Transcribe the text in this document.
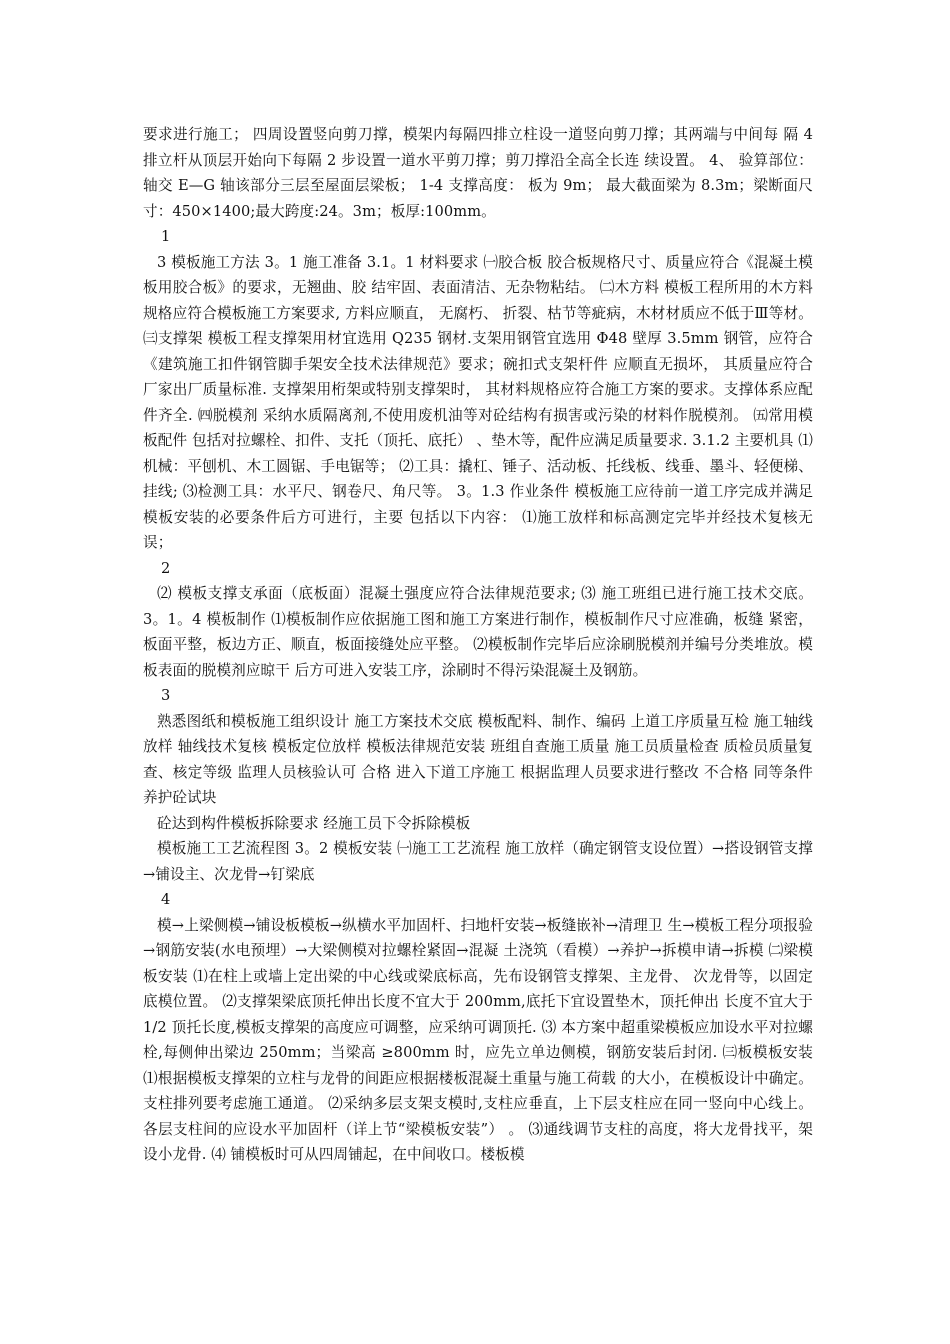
要求进行施工； 四周设置竖向剪刀撑，模架内每隔四排立柱设一道竖向剪刀撑；其两端与中间每 隔 4 排立杆从顶层开始向下每隔 2 步设置一道水平剪刀撑；剪刀撑沿全高全长连 续设置。 4、 验算部位： 轴交 E—G 轴该部分三层至屋面层梁板； 1-4 支撑高度： 板为 9m； 最大截面梁为 8.3m；梁断面尺寸：450×1400;最大跨度:24。3m；板厚:100mm。

1

3 模板施工方法 3。1 施工准备 3.1。1 材料要求 ㈠胶合板 胶合板规格尺寸、质量应符合《混凝土模板用胶合板》的要求，无翘曲、胶 结牢固、表面清洁、无杂物粘结。 ㈡木方料 模板工程所用的木方料规格应符合模板施工方案要求, 方料应顺直， 无腐朽、 折裂、枯节等疵病，木材材质应不低于Ⅲ等材。 ㈢支撑架 模板工程支撑架用材宜选用 Q235 钢材.支架用钢管宜选用 Φ48 壁厚 3.5mm 钢管，应符合《建筑施工扣件钢管脚手架安全技术法律规范》要求；碗扣式支架杆件 应顺直无损坏， 其质量应符合厂家出厂质量标准. 支撑架用桁架或特别支撑架时， 其材料规格应符合施工方案的要求。支撑体系应配件齐全. ㈣脱模剂 采纳水质隔离剂,不使用废机油等对砼结构有损害或污染的材料作脱模剂。 ㈤常用模板配件 包括对拉螺栓、扣件、支托（顶托、底托） 、垫木等，配件应满足质量要求. 3.1.2 主要机具 ⑴机械：平刨机、木工圆锯、手电锯等； ⑵工具：撬杠、锤子、活动板、托线板、线垂、墨斗、轻便梯、挂线; ⑶检测工具：水平尺、钢卷尺、角尺等。 3。1.3 作业条件 模板施工应待前一道工序完成并满足模板安装的必要条件后方可进行，主要 包括以下内容： ⑴施工放样和标高测定完毕并经技术复核无误；

2

⑵ 模板支撑支承面（底板面）混凝土强度应符合法律规范要求; ⑶ 施工班组已进行施工技术交底。 3。1。4 模板制作 ⑴模板制作应依据施工图和施工方案进行制作，模板制作尺寸应准确，板缝 紧密，板面平整，板边方正、顺直，板面接缝处应平整。 ⑵模板制作完毕后应涂刷脱模剂并编号分类堆放。模板表面的脱模剂应晾干 后方可进入安装工序，涂刷时不得污染混凝土及钢筋。

3

熟悉图纸和模板施工组织设计 施工方案技术交底 模板配料、制作、编码 上道工序质量互检 施工轴线放样 轴线技术复核 模板定位放样 模板法律规范安装 班组自查施工质量 施工员质量检查 质检员质量复查、核定等级 监理人员核验认可 合格 进入下道工序施工 根据监理人员要求进行整改 不合格 同等条件养护砼试块

砼达到构件模板拆除要求 经施工员下令拆除模板

模板施工工艺流程图 3。2 模板安装 ㈠施工工艺流程 施工放样（确定钢管支设位置）→搭设钢管支撑→铺设主、次龙骨→钉梁底

4

模→上梁侧模→铺设板模板→纵横水平加固杆、扫地杆安装→板缝嵌补→清理卫 生→模板工程分项报验→钢筋安装(水电预埋）→大梁侧模对拉螺栓紧固→混凝 土浇筑（看模）→养护→拆模申请→拆模 ㈡梁模板安装 ⑴在柱上或墙上定出梁的中心线或梁底标高，先布设钢管支撑架、主龙骨、 次龙骨等，以固定底模位置。 ⑵支撑架梁底顶托伸出长度不宜大于 200mm,底托下宜设置垫木，顶托伸出 长度不宜大于 1/2 顶托长度,模板支撑架的高度应可调整，应采纳可调顶托. ⑶ 本方案中超重梁模板应加设水平对拉螺栓,每侧伸出梁边 250mm；当梁高 ≥800mm 时，应先立单边侧模，钢筋安装后封闭. ㈢板模板安装 ⑴根据模板支撑架的立柱与龙骨的间距应根据楼板混凝土重量与施工荷载 的大小，在模板设计中确定。支柱排列要考虑施工通道。 ⑵采纳多层支架支模时,支柱应垂直，上下层支柱应在同一竖向中心线上。 各层支柱间的应设水平加固杆（详上节“梁模板安装”） 。 ⑶通线调节支柱的高度，将大龙骨找平，架设小龙骨. ⑷ 铺模板时可从四周铺起，在中间收口。楼板模
